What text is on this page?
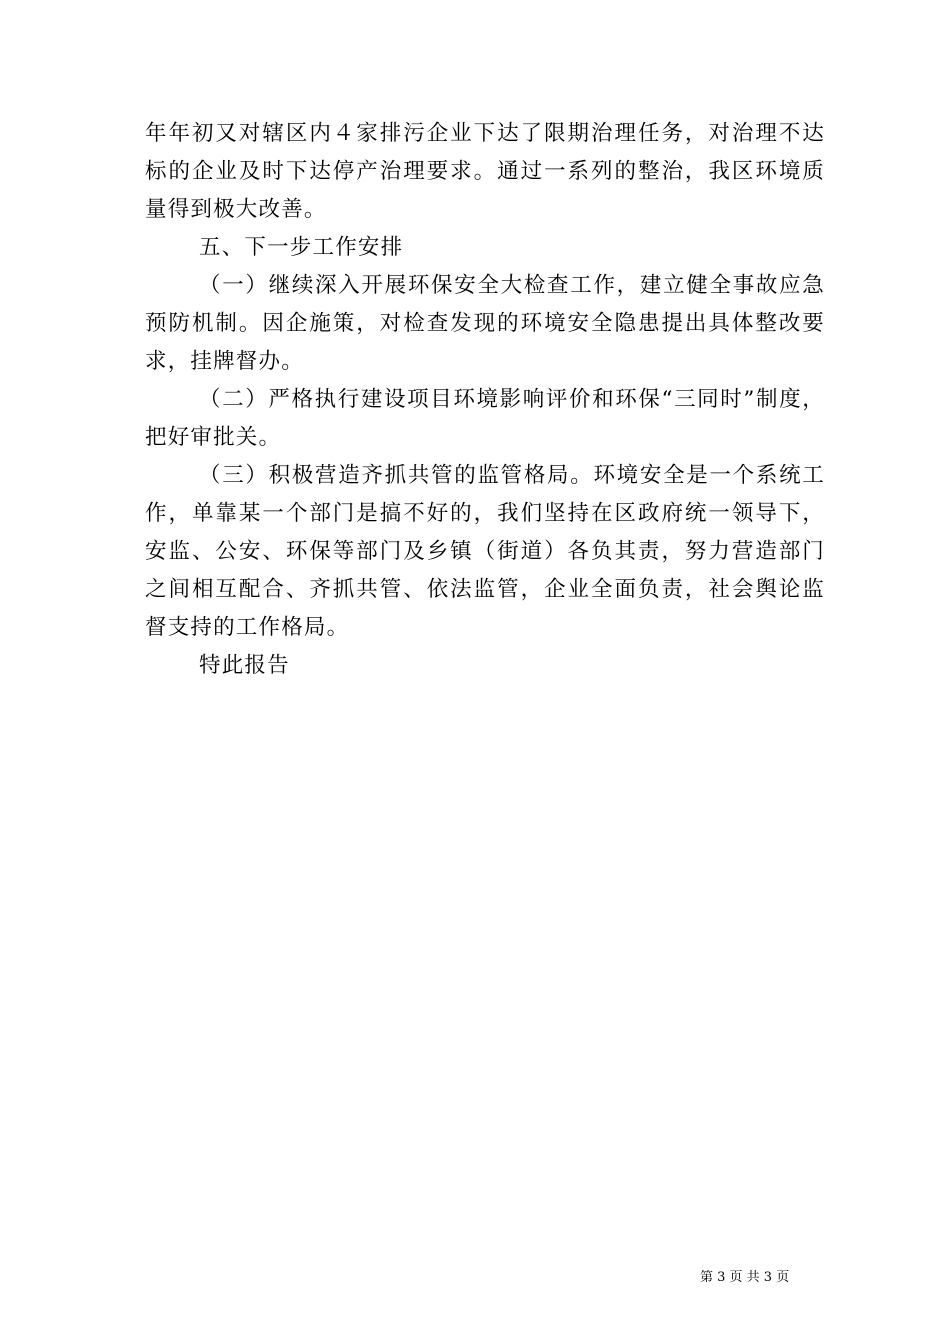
年年初又对辖区内４家排污企业下达了限期治理任务，对治理不达标的企业及时下达停产治理要求。通过一系列的整治，我区环境质量得到极大改善。

五、下一步工作安排

（一）继续深入开展环保安全大检查工作，建立健全事故应急预防机制。因企施策，对检查发现的环境安全隐患提出具体整改要求，挂牌督办。

（二）严格执行建设项目环境影响评价和环保“三同时”制度，把好审批关。

（三）积极营造齐抓共管的监管格局。环境安全是一个系统工作，单靠某一个部门是搞不好的，我们坚持在区政府统一领导下，安监、公安、环保等部门及乡镇（街道）各负其责，努力营造部门之间相互配合、齐抓共管、依法监管，企业全面负责，社会舆论监督支持的工作格局。

特此报告

第 3 页 共 3 页
